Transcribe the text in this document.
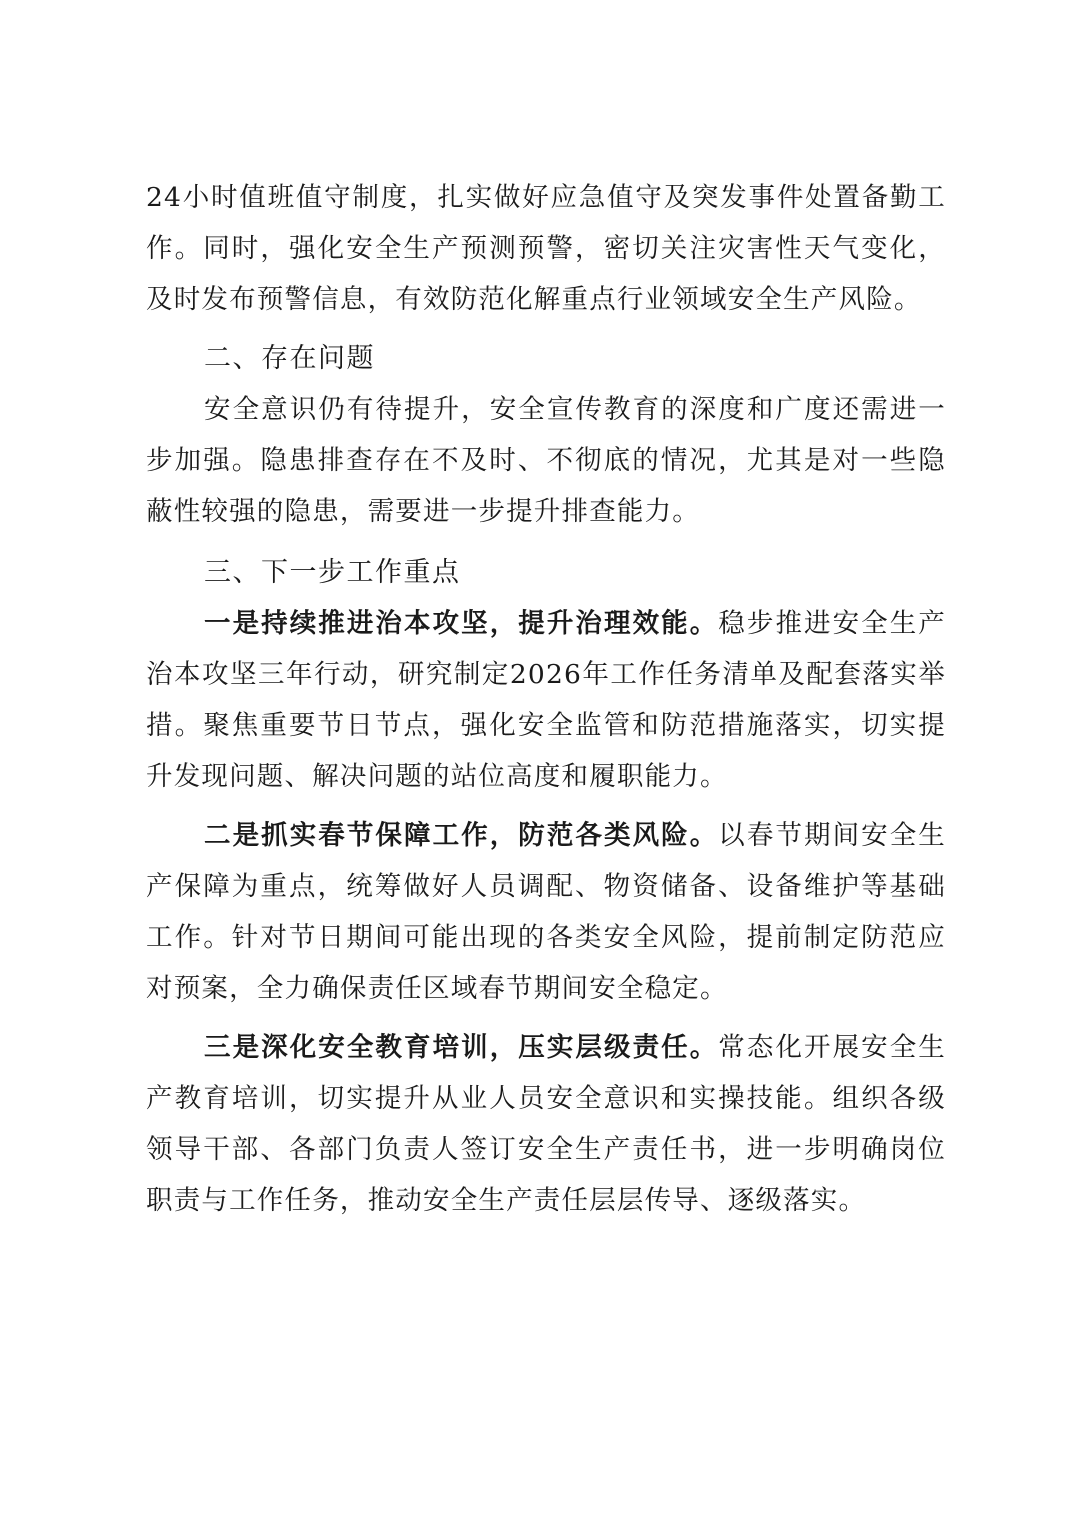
24小时值班值守制度，扎实做好应急值守及突发事件处置备勤工作。同时，强化安全生产预测预警，密切关注灾害性天气变化，及时发布预警信息，有效防范化解重点行业领域安全生产风险。

二、存在问题

安全意识仍有待提升，安全宣传教育的深度和广度还需进一步加强。隐患排查存在不及时、不彻底的情况，尤其是对一些隐蔽性较强的隐患，需要进一步提升排查能力。

三、下一步工作重点

一是持续推进治本攻坚，提升治理效能。稳步推进安全生产治本攻坚三年行动，研究制定2026年工作任务清单及配套落实举措。聚焦重要节日节点，强化安全监管和防范措施落实，切实提升发现问题、解决问题的站位高度和履职能力。

二是抓实春节保障工作，防范各类风险。以春节期间安全生产保障为重点，统筹做好人员调配、物资储备、设备维护等基础工作。针对节日期间可能出现的各类安全风险，提前制定防范应对预案，全力确保责任区域春节期间安全稳定。

三是深化安全教育培训，压实层级责任。常态化开展安全生产教育培训，切实提升从业人员安全意识和实操技能。组织各级领导干部、各部门负责人签订安全生产责任书，进一步明确岗位职责与工作任务，推动安全生产责任层层传导、逐级落实。
